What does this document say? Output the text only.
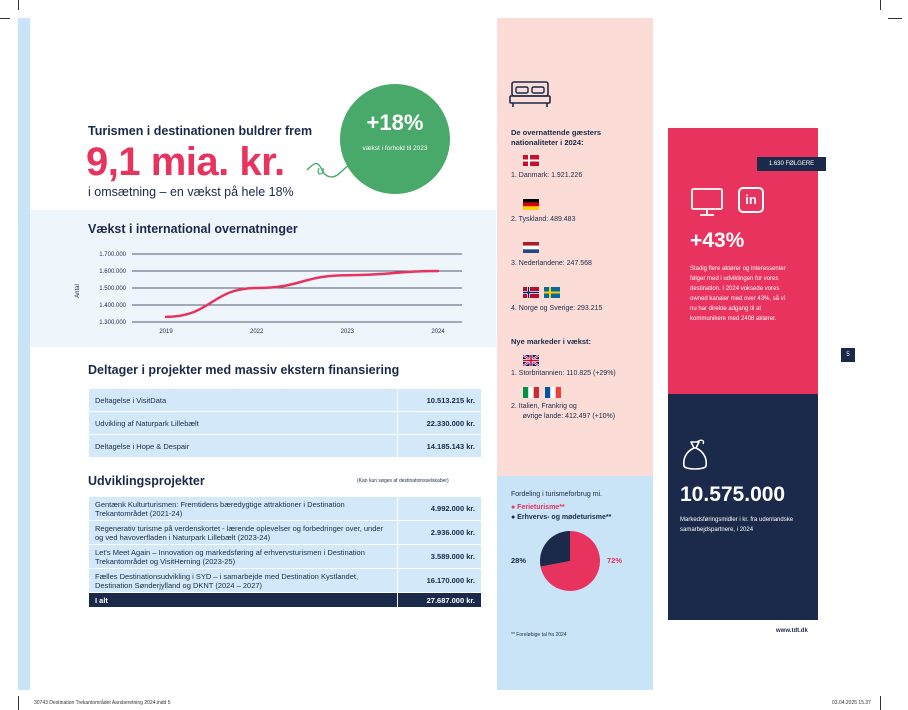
Turismen i destinationen buldrer frem
9,1 mia. kr.
i omsætning – en vækst på hele 18%
+18%
vækst i forhold til 2023
Vækst i international overnatninger
Antal
1.300.000
1.400.000
1.500.000
1.600.000
1.700.000
2019	2022	2023	2024
Deltager i projekter med massiv ekstern finansiering
Deltagelse i VisitData	10.513.215 kr.
Udvikling af Naturpark Lillebælt	22.330.000 kr.
Deltagelse i Hope & Despair	14.185.143 kr.
Udviklingsprojekter	(Kan kun søges af destinationsselskaber)
Gentænk Kulturturismen: Fremtidens bæredygtige attraktioner i Destination Trekantområdet (2021-24)	4.992.000 kr.
Regenerativ turisme på verdenskortet - lærende oplevelser og forbedringer over, under og ved havoverfladen i Naturpark Lillebælt (2023-24)	2.936.000 kr.
Let's Meet Again – Innovation og markedsføring af erhvervsturismen i Destination Trekantområdet og VisitHerning (2023-25)	3.589.000 kr.
Fælles Destinationsudvikling i SYD – i samarbejde med Destination Kystlandet, Destination Sønderjylland og DKNT (2024 – 2027)	16.170.000 kr.
I alt	27.687.000 kr.
De overnattende gæsters nationaliteter i 2024:
1. Danmark: 1.921.226
2. Tyskland: 489.483
3. Nederlandene: 247.568
4. Norge og Sverige: 293.215
Nye markeder i vækst:
1. Storbritannien: 110.825 (+29%)
2. Italien, Frankrig og
øvrige lande: 412.497 (+10%)
Fordeling i turismeforbrug mi.
● Ferieturisme**
● Erhvervs- og mødeturisme**
28%	72%
** Foreløbige tal fra 2024
1.630 FØLGERE
in
+43%
Stadig flere aktører og interessenter følger med i udviklingen for vores destination. I 2024 voksede vores owned kanaler med over 43%, så vi nu har direkte adgang til at kommunikere med 2408 aktører.
10.575.000
Markedsføringsmidler i kr. fra udenlandske samarbejdspartnere, i 2024
www.tdt.dk
5
30743 Destination Trekantområdet Aarsberetning 2024.indd 5	03.04.2025 15.37
